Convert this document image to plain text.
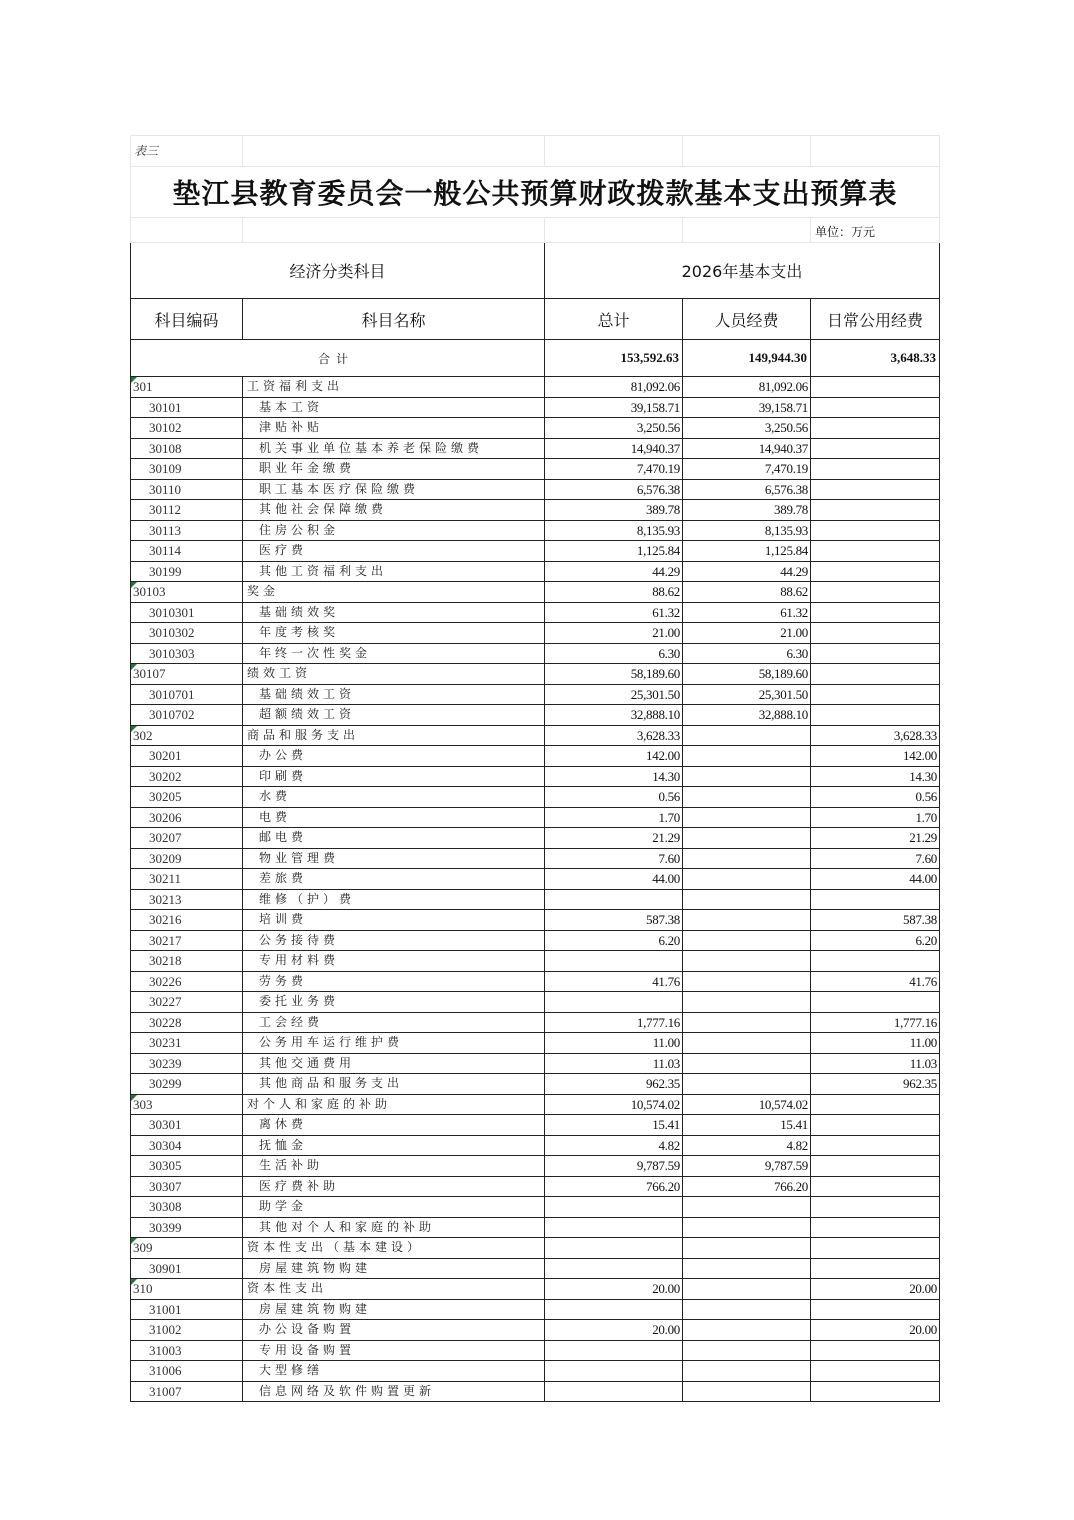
表三				
垫江县教育委员会一般公共预算财政拨款基本支出预算表				
				单位：万元
经济分类科目		2026年基本支出		
科目编码	科目名称	总计	人员经费	日常公用经费
合计		153,592.63	149,944.30	3,648.33
301	工资福利支出	81,092.06	81,092.06	
30101	基本工资	39,158.71	39,158.71	
30102	津贴补贴	3,250.56	3,250.56	
30108	机关事业单位基本养老保险缴费	14,940.37	14,940.37	
30109	职业年金缴费	7,470.19	7,470.19	
30110	职工基本医疗保险缴费	6,576.38	6,576.38	
30112	其他社会保障缴费	389.78	389.78	
30113	住房公积金	8,135.93	8,135.93	
30114	医疗费	1,125.84	1,125.84	
30199	其他工资福利支出	44.29	44.29	
30103	奖金	88.62	88.62	
3010301	基础绩效奖	61.32	61.32	
3010302	年度考核奖	21.00	21.00	
3010303	年终一次性奖金	6.30	6.30	
30107	绩效工资	58,189.60	58,189.60	
3010701	基础绩效工资	25,301.50	25,301.50	
3010702	超额绩效工资	32,888.10	32,888.10	
302	商品和服务支出	3,628.33		3,628.33
30201	办公费	142.00		142.00
30202	印刷费	14.30		14.30
30205	水费	0.56		0.56
30206	电费	1.70		1.70
30207	邮电费	21.29		21.29
30209	物业管理费	7.60		7.60
30211	差旅费	44.00		44.00
30213	维修（护）费			
30216	培训费	587.38		587.38
30217	公务接待费	6.20		6.20
30218	专用材料费			
30226	劳务费	41.76		41.76
30227	委托业务费			
30228	工会经费	1,777.16		1,777.16
30231	公务用车运行维护费	11.00		11.00
30239	其他交通费用	11.03		11.03
30299	其他商品和服务支出	962.35		962.35
303	对个人和家庭的补助	10,574.02	10,574.02	
30301	离休费	15.41	15.41	
30304	抚恤金	4.82	4.82	
30305	生活补助	9,787.59	9,787.59	
30307	医疗费补助	766.20	766.20	
30308	助学金			
30399	其他对个人和家庭的补助			
309	资本性支出（基本建设）			
30901	房屋建筑物购建			
310	资本性支出	20.00		20.00
31001	房屋建筑物购建			
31002	办公设备购置	20.00		20.00
31003	专用设备购置			
31006	大型修缮			
31007	信息网络及软件购置更新			
